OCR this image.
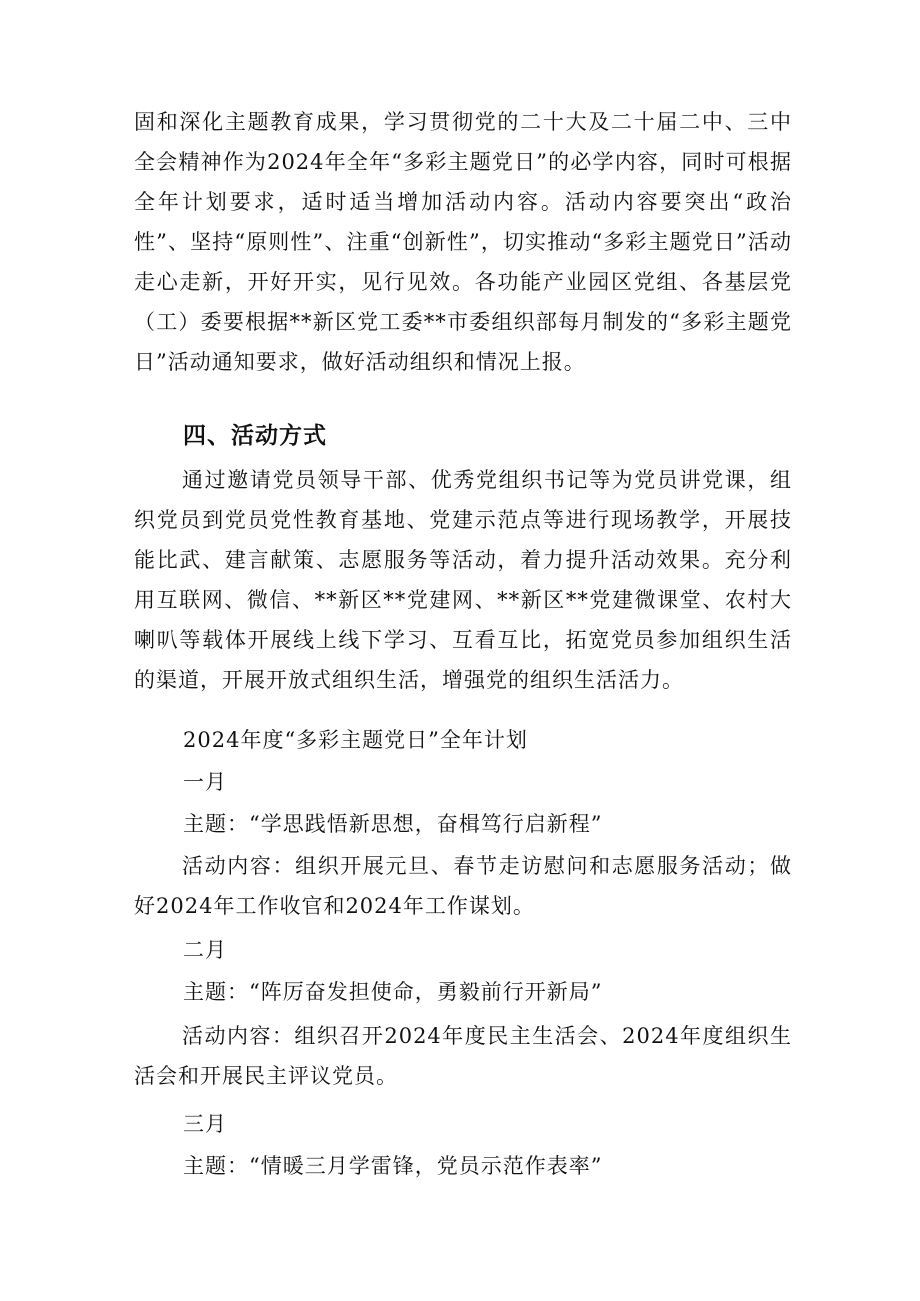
固和深化主题教育成果，学习贯彻党的二十大及二十届二中、三中全会精神作为2024年全年“多彩主题党日”的必学内容，同时可根据全年计划要求，适时适当增加活动内容。活动内容要突出“政治性”、坚持“原则性”、注重“创新性”，切实推动“多彩主题党日”活动走心走新，开好开实，见行见效。各功能产业园区党组、各基层党（工）委要根据**新区党工委**市委组织部每月制发的“多彩主题党日”活动通知要求，做好活动组织和情况上报。

四、活动方式

通过邀请党员领导干部、优秀党组织书记等为党员讲党课，组织党员到党员党性教育基地、党建示范点等进行现场教学，开展技能比武、建言献策、志愿服务等活动，着力提升活动效果。充分利用互联网、微信、**新区**党建网、**新区**党建微课堂、农村大喇叭等载体开展线上线下学习、互看互比，拓宽党员参加组织生活的渠道，开展开放式组织生活，增强党的组织生活活力。

2024年度“多彩主题党日”全年计划
一月
主题：“学思践悟新思想，奋楫笃行启新程”

活动内容：组织开展元旦、春节走访慰问和志愿服务活动；做好2024年工作收官和2024年工作谋划。

二月
主题：“阵厉奋发担使命，勇毅前行开新局”

活动内容：组织召开2024年度民主生活会、2024年度组织生活会和开展民主评议党员。

三月
主题：“情暖三月学雷锋，党员示范作表率”
